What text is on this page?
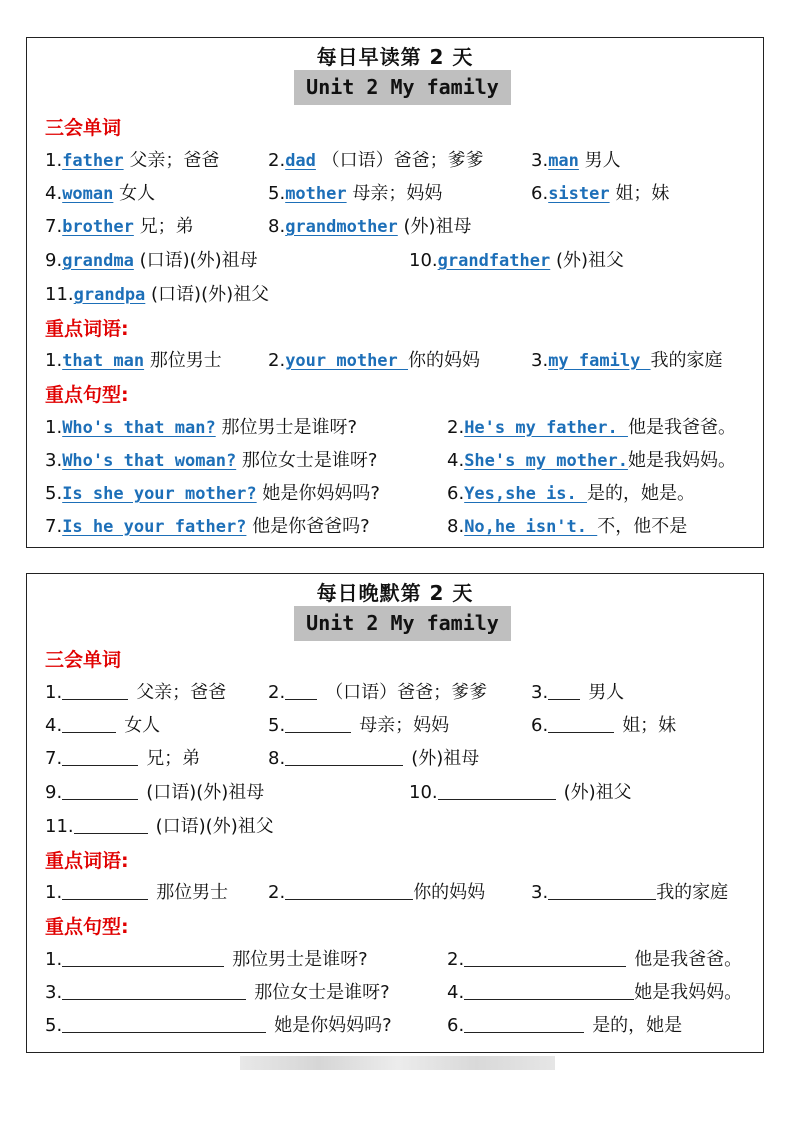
每日早读第 2 天
Unit 2 My family
三会单词
1.father 父亲；爸爸	2.dad （口语）爸爸；爹爹	3.man 男人
4.woman 女人	5.mother 母亲；妈妈	6.sister 姐；妹
7.brother 兄；弟	8.grandmother (外)祖母
9.grandma (口语)(外)祖母	10.grandfather (外)祖父
11.grandpa (口语)(外)祖父
重点词语:
1.that man 那位男士	2.your mother 你的妈妈	3.my family 我的家庭
重点句型:
1.Who's that man? 那位男士是谁呀?	2.He's my father. 他是我爸爸。
3.Who's that woman? 那位女士是谁呀?	4.She's my mother.她是我妈妈。
5.Is she your mother? 她是你妈妈吗?	6.Yes,she is. 是的，她是。
7.Is he your father? 他是你爸爸吗?	8.No,he isn't. 不，他不是
每日晚默第 2 天
Unit 2 My family
三会单词
1.	父亲；爸爸 2. （口语）爸爸；爹爹 3. 男人
4.	女人	5.	母亲；妈妈	6.	姐；妹
7.	兄；弟	8.	(外)祖母
9.	(口语)(外)祖母	10.	(外)祖父
11.	(口语)(外)祖父
重点词语:
1.	那位男士 2.	你的妈妈	3.	我的家庭
重点句型:
1.	那位男士是谁呀?	2.	他是我爸爸。
3.	那位女士是谁呀?	4.	她是我妈妈。
5.	她是你妈妈吗?	6.	是的，她是
